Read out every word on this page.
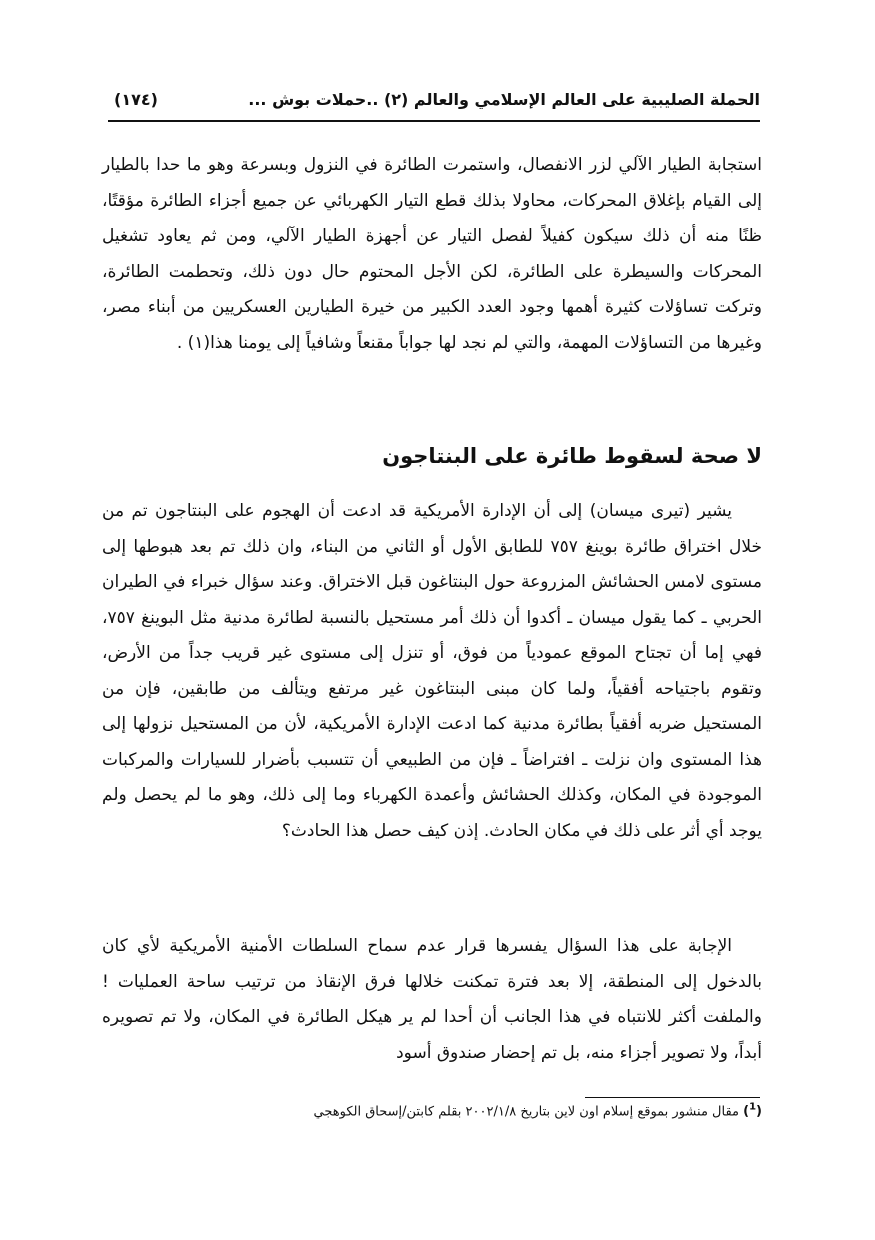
الحملة الصليبية على العالم الإسلامي والعالم (٢) ..حملات بوش ...
(١٧٤)

استجابة الطيار الآلي لزر الانفصال، واستمرت الطائرة في النزول وبسرعة وهو ما حدا بالطيار إلى القيام بإغلاق المحركات، محاولا بذلك قطع التيار الكهربائي عن جميع أجزاء الطائرة مؤقتًا، ظنًا منه أن ذلك سيكون كفيلاً لفصل التيار عن أجهزة الطيار الآلي، ومن ثم يعاود تشغيل المحركات والسيطرة على الطائرة، لكن الأجل المحتوم حال دون ذلك، وتحطمت الطائرة، وتركت تساؤلات كثيرة أهمها وجود العدد الكبير من خيرة الطيارين العسكريين من أبناء مصر، وغيرها من التساؤلات المهمة، والتي لم نجد لها جواباً مقنعاً وشافياً إلى يومنا هذا(١) .

لا صحة لسقوط طائرة على البنتاجون

يشير (تيرى ميسان) إلى أن الإدارة الأمريكية قد ادعت أن الهجوم على البنتاجون تم من خلال اختراق طائرة بوينغ ٧٥٧ للطابق الأول أو الثاني من البناء، وان ذلك تم بعد هبوطها إلى مستوى لامس الحشائش المزروعة حول البنتاغون قبل الاختراق. وعند سؤال خبراء في الطيران الحربي ـ كما يقول ميسان ـ أكدوا أن ذلك أمر مستحيل بالنسبة لطائرة مدنية مثل البوينغ ٧٥٧، فهي إما أن تجتاح الموقع عمودياً من فوق، أو تنزل إلى مستوى غير قريب جداً من الأرض، وتقوم باجتياحه أفقياً، ولما كان مبنى البنتاغون غير مرتفع ويتألف من طابقين، فإن من المستحيل ضربه أفقياً بطائرة مدنية كما ادعت الإدارة الأمريكية، لأن من المستحيل نزولها إلى هذا المستوى وان نزلت ـ افتراضاً ـ فإن من الطبيعي أن تتسبب بأضرار للسيارات والمركبات الموجودة في المكان، وكذلك الحشائش وأعمدة الكهرباء وما إلى ذلك، وهو ما لم يحصل ولم يوجد أي أثر على ذلك في مكان الحادث. إذن كيف حصل هذا الحادث؟

الإجابة على هذا السؤال يفسرها قرار عدم سماح السلطات الأمنية الأمريكية لأي كان بالدخول إلى المنطقة، إلا بعد فترة تمكنت خلالها فرق الإنقاذ من ترتيب ساحة العمليات ! والملفت أكثر للانتباه في هذا الجانب أن أحدا لم ير هيكل الطائرة في المكان، ولا تم تصويره أبداً، ولا تصوير أجزاء منه، بل تم إحضار صندوق أسود

($^1$) مقال منشور بموقع إسلام اون لاين بتاريخ ٢٠٠٢/١/٨ بقلم كابتن/إسحاق الكوهجي
